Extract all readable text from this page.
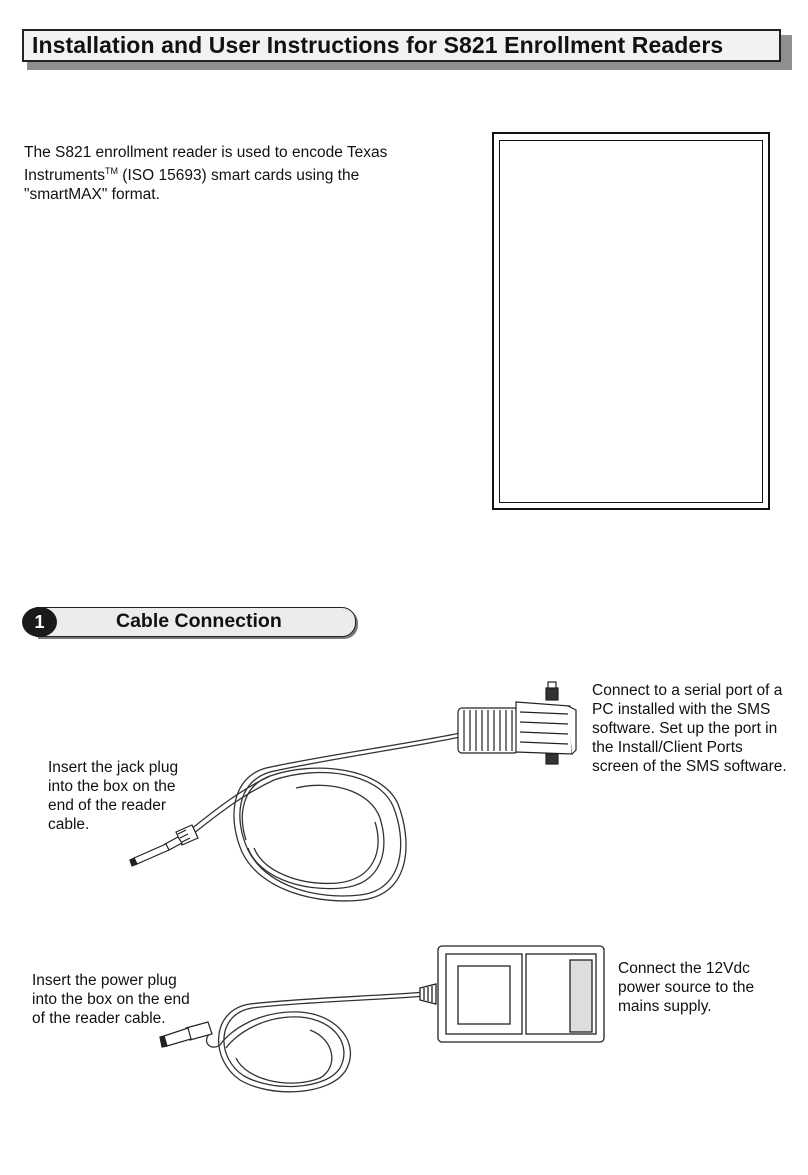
Installation and User Instructions for S821 Enrollment Readers
The S821 enrollment reader is used to encode Texas Instruments™ (ISO 15693) smart cards using the "smartMAX" format.
Cable Connection
1
Connect to a serial port of a PC installed with the SMS software. Set up the port in the Install/Client Ports screen of the SMS software.
Insert the jack plug into the box on the end of the reader cable.
Insert the power plug into the box on the end of the reader cable.
Connect the 12Vdc power source to the mains supply.
